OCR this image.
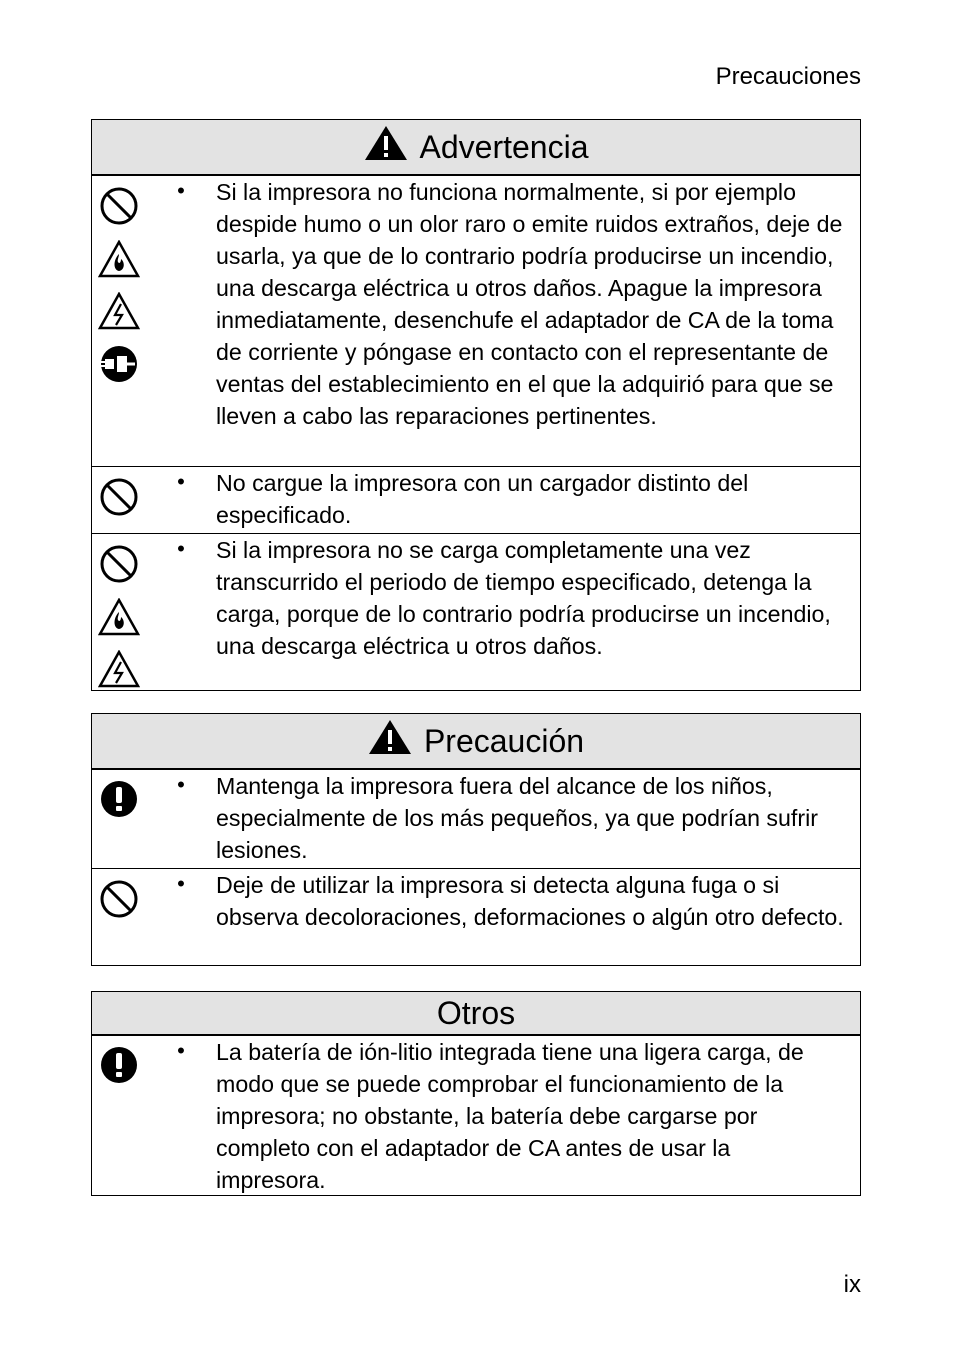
Precauciones
Advertencia
•	Si la impresora no funciona normalmente, si por ejemplo despide humo o un olor raro o emite ruidos extraños, deje de usarla, ya que de lo contrario podría producirse un incendio, una descarga eléctrica u otros daños. Apague la impresora inmediatamente, desenchufe el adaptador de CA de la toma de corriente y póngase en contacto con el representante de ventas del establecimiento en el que la adquirió para que se lleven a cabo las reparaciones pertinentes.
•	No cargue la impresora con un cargador distinto del especificado.
•	Si la impresora no se carga completamente una vez transcurrido el periodo de tiempo especificado, detenga la carga, porque de lo contrario podría producirse un incendio, una descarga eléctrica u otros daños.
Precaución
•	Mantenga la impresora fuera del alcance de los niños, especialmente de los más pequeños, ya que podrían sufrir lesiones.
•	Deje de utilizar la impresora si detecta alguna fuga o si observa decoloraciones, deformaciones o algún otro defecto.
Otros
•	La batería de ión-litio integrada tiene una ligera carga, de modo que se puede comprobar el funcionamiento de la impresora; no obstante, la batería debe cargarse por completo con el adaptador de CA antes de usar la impresora.
ix
